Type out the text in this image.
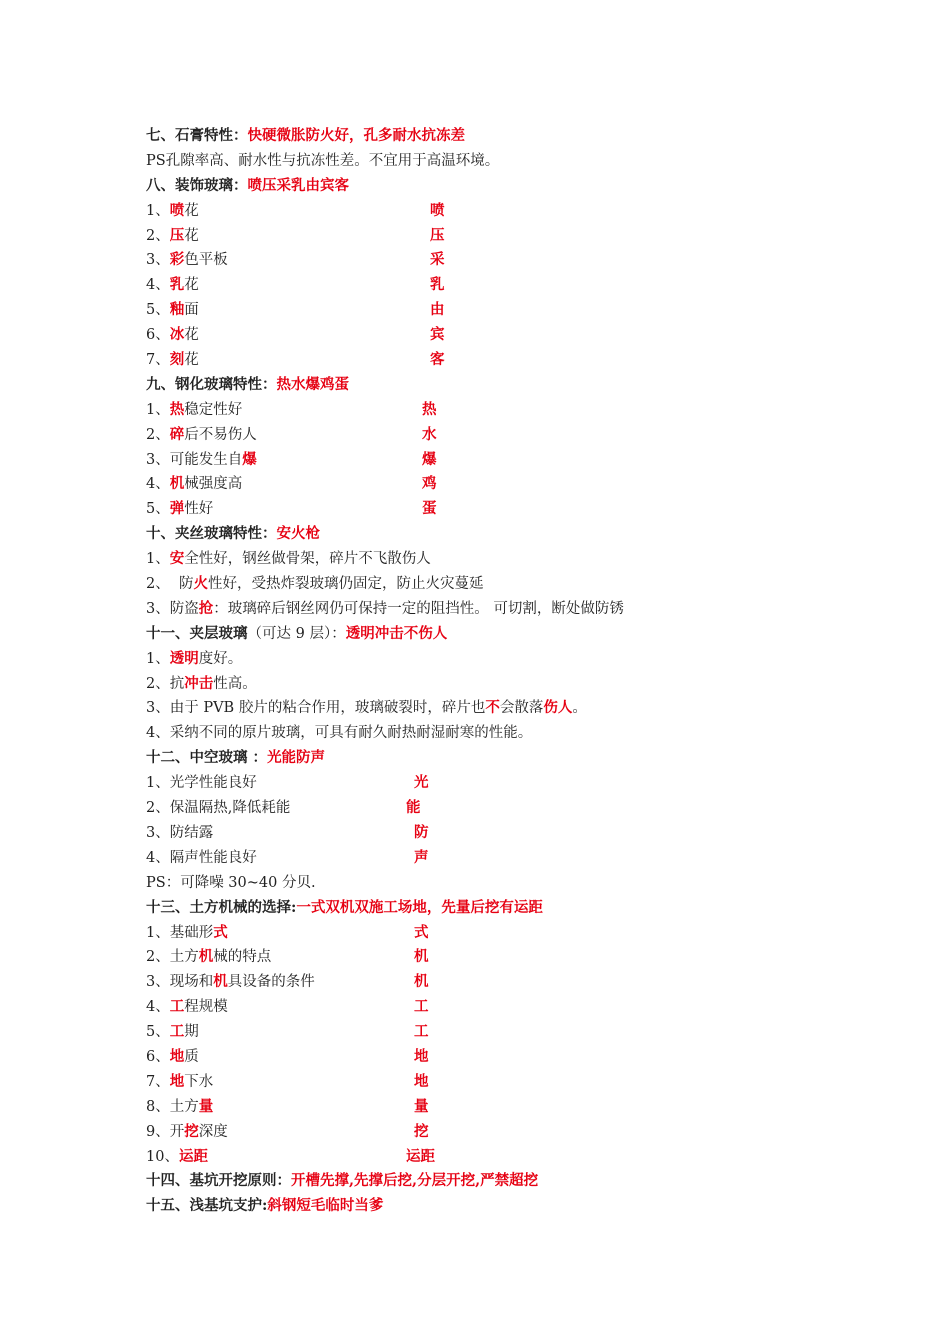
七、石膏特性：快硬微胀防火好，孔多耐水抗冻差
PS孔隙率高、耐水性与抗冻性差。不宜用于高温环境。
八、装饰玻璃：喷压采乳由宾客
1、喷花	喷
2、压花	压
3、彩色平板	采
4、乳花	乳
5、釉面	由
6、冰花	宾
7、刻花	客
九、钢化玻璃特性：热水爆鸡蛋
1、热稳定性好	热
2、碎后不易伤人	水
3、可能发生自爆	爆
4、机械强度高	鸡
5、弹性好	蛋
十、夹丝玻璃特性：安火枪
1、安全性好，钢丝做骨架，碎片不飞散伤人
2、  防火性好，受热炸裂玻璃仍固定，防止火灾蔓延
3、防盗抢：玻璃碎后钢丝网仍可保持一定的阻挡性。 可切割，断处做防锈
十一、夹层玻璃（可达 9 层）：透明冲击不伤人
1、透明度好。
2、抗冲击性高。
3、由于 PVB 胶片的粘合作用，玻璃破裂时，碎片也不会散落伤人。
4、采纳不同的原片玻璃，可具有耐久耐热耐湿耐寒的性能。
十二、中空玻璃 ：光能防声
1、光学性能良好	光
2、保温隔热,降低耗能	能
3、防结露	防
4、隔声性能良好	声
PS：可降噪 30~40 分贝.
十三、土方机械的选择:一式双机双施工场地，先量后挖有运距
1、基础形式	式
2、土方机械的特点	机
3、现场和机具设备的条件	机
4、工程规模	工
5、工期	工
6、地质	地
7、地下水	地
8、土方量	量
9、开挖深度	挖
10、运距	运距
十四、基坑开挖原则：开槽先撑,先撑后挖,分层开挖,严禁超挖
十五、浅基坑支护:斜钢短毛临时当爹
